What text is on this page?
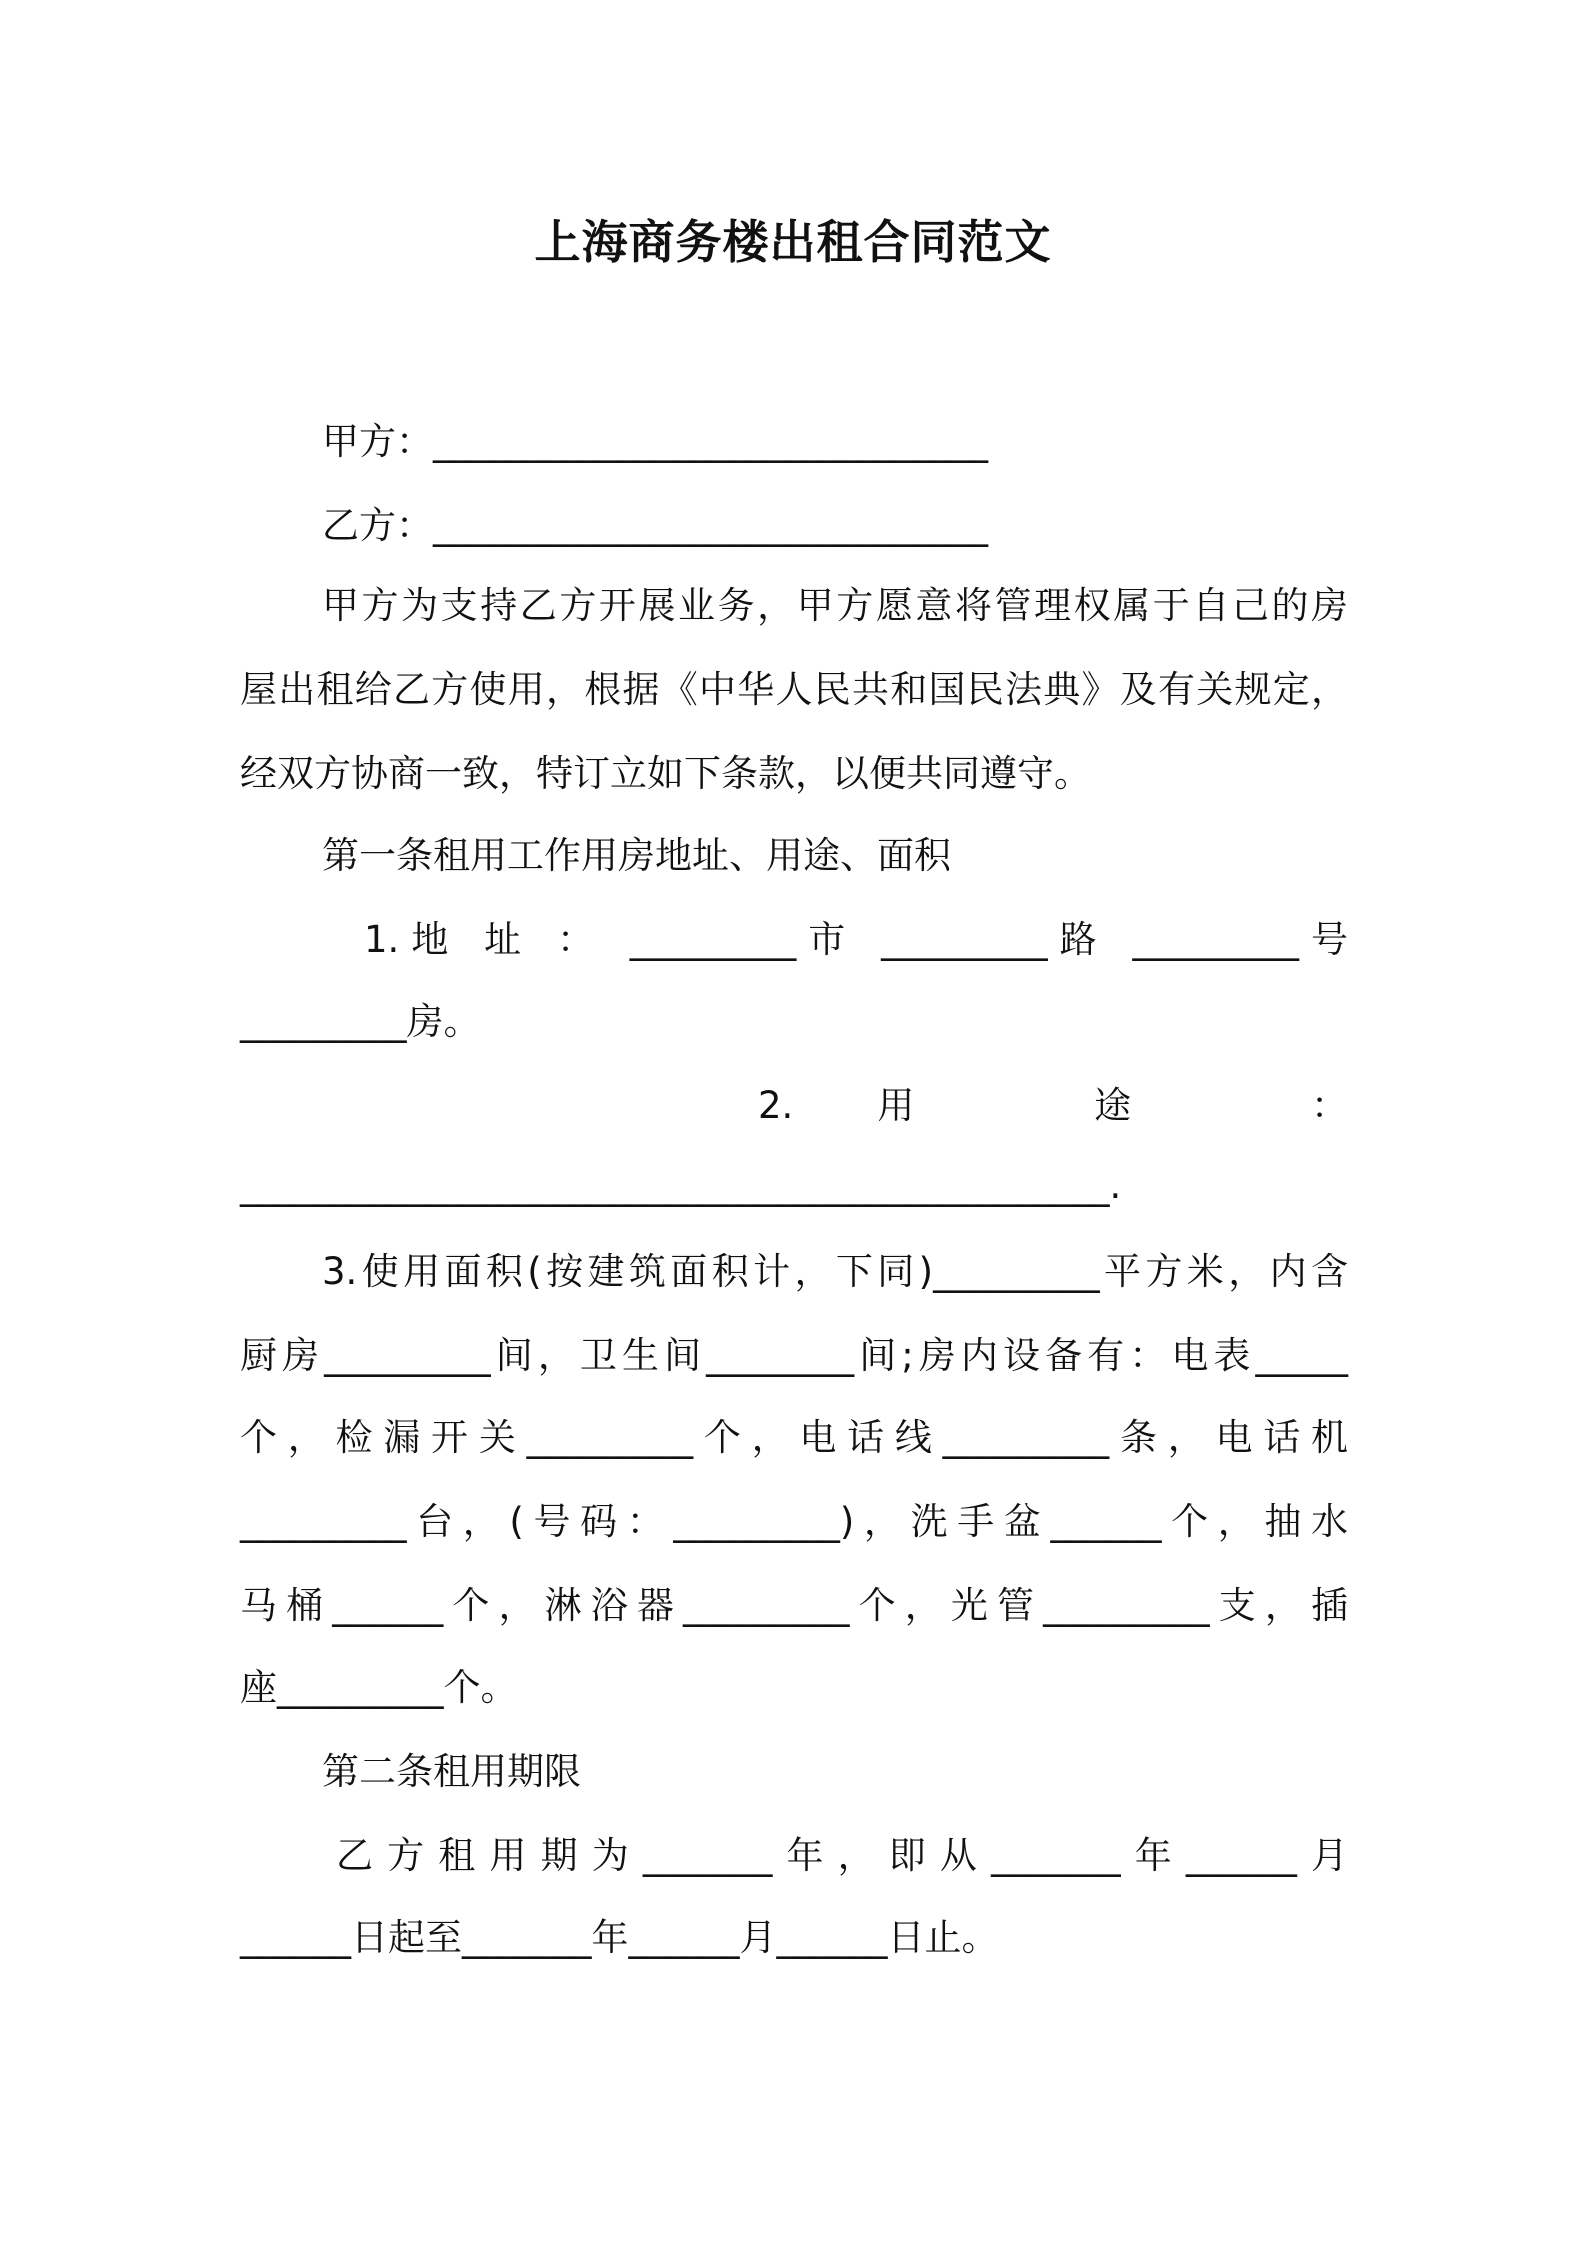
上海商务楼出租合同范文
甲方：______________________________
乙方：______________________________
甲方为支持乙方开展业务，甲方愿意将管理权属于自己的房
屋出租给乙方使用，根据《中华人民共和国民法典》及有关规定，
经双方协商一致，特订立如下条款，以便共同遵守。
第一条租用工作用房地址、用途、面积
1.地 址 ： _________市 _________路 _________号
_________房。
2.用 途 ：
_______________________________________________.
3.使用面积(按建筑面积计，下同)_________平方米，内含
厨房_________间，卫生间________间;房内设备有：电表_____
个，检漏开关_________个，电话线_________条，电话机
_________台，(号码：_________)，洗手盆______个，抽水
马桶______个，淋浴器_________个，光管_________支，插
座_________个。
第二条租用期限
乙方租用期为_______年，即从_______年______月
______日起至_______年______月______日止。
